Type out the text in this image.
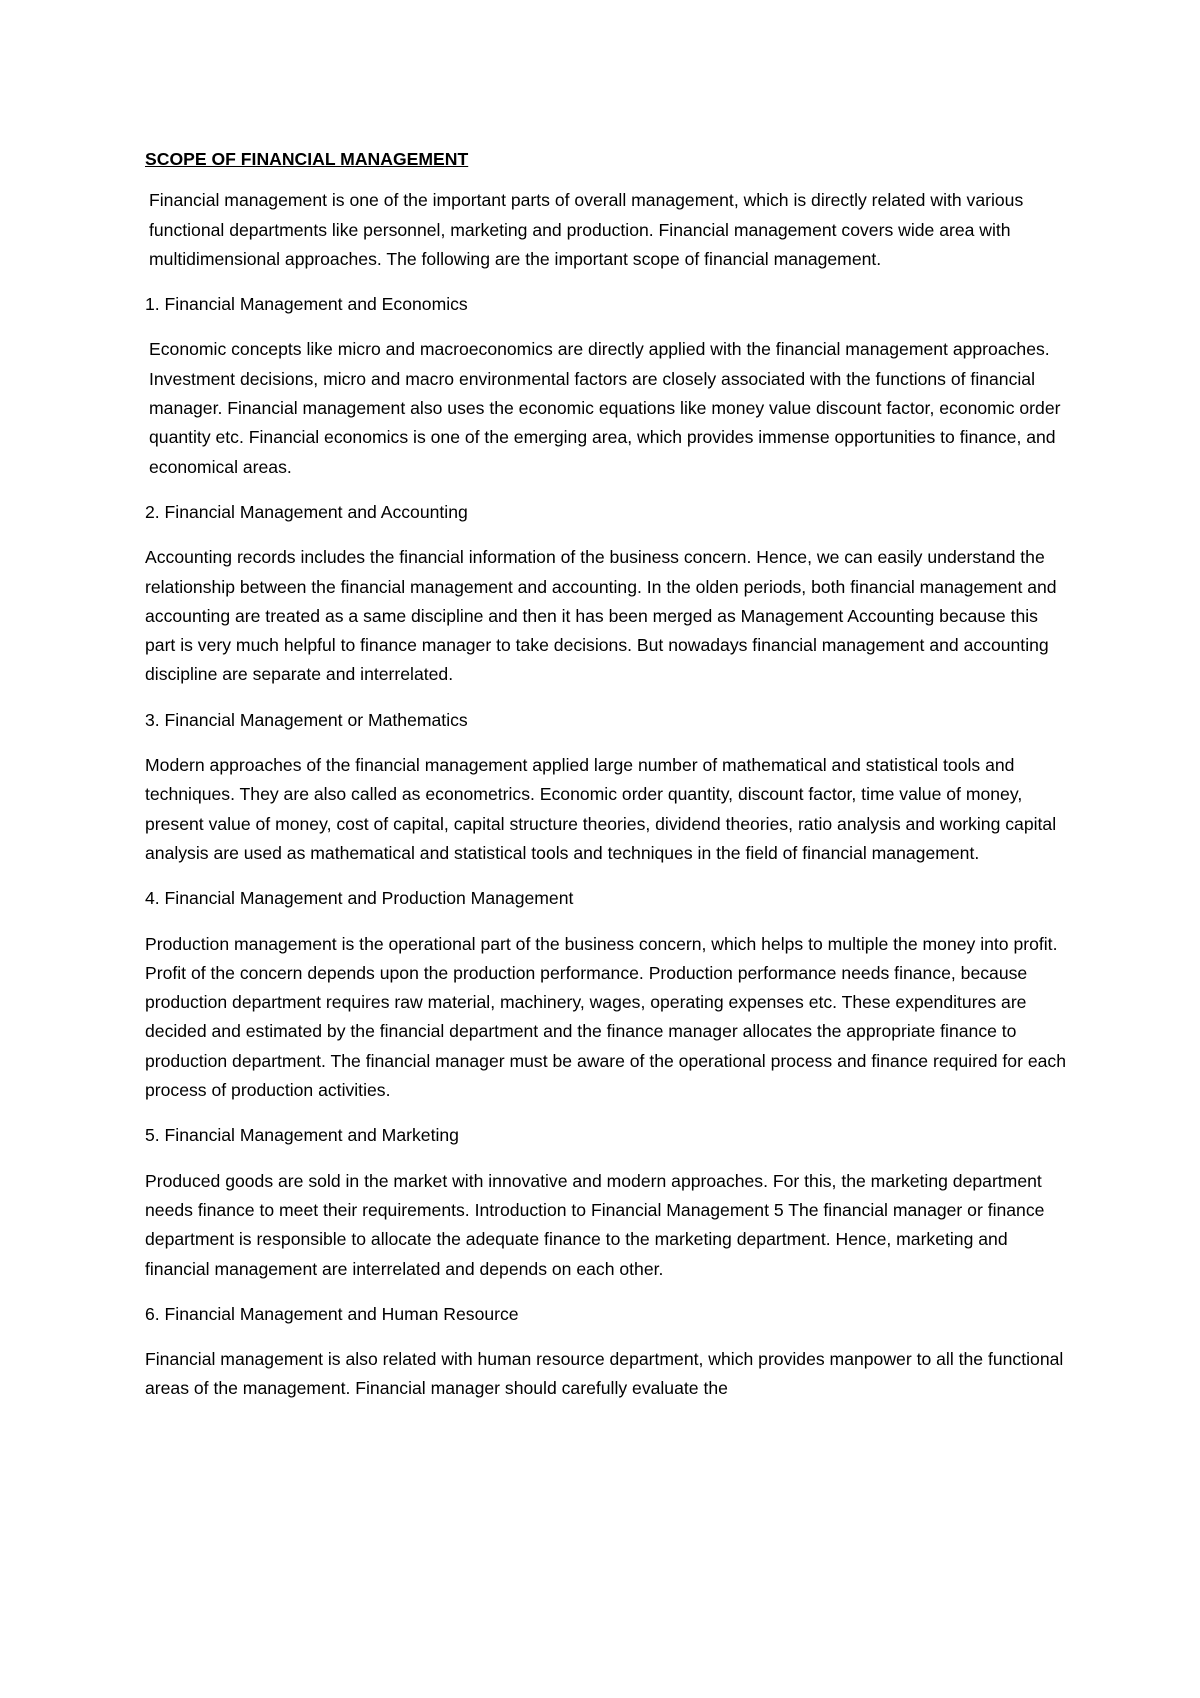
SCOPE OF FINANCIAL MANAGEMENT

Financial management is one of the important parts of overall management, which is directly related with various functional departments like personnel, marketing and production. Financial management covers wide area with multidimensional approaches. The following are the important scope of financial management.

1. Financial Management and Economics

Economic concepts like micro and macroeconomics are directly applied with the financial management approaches. Investment decisions, micro and macro environmental factors are closely associated with the functions of financial manager. Financial management also uses the economic equations like money value discount factor, economic order quantity etc. Financial economics is one of the emerging area, which provides immense opportunities to finance, and economical areas.

2. Financial Management and Accounting

Accounting records includes the financial information of the business concern. Hence, we can easily understand the relationship between the financial management and accounting. In the olden periods, both financial management and accounting are treated as a same discipline and then it has been merged as Management Accounting because this part is very much helpful to finance manager to take decisions. But nowadays financial management and accounting discipline are separate and interrelated.

3. Financial Management or Mathematics

Modern approaches of the financial management applied large number of mathematical and statistical tools and techniques. They are also called as econometrics. Economic order quantity, discount factor, time value of money, present value of money, cost of capital, capital structure theories, dividend theories, ratio analysis and working capital analysis are used as mathematical and statistical tools and techniques in the field of financial management.

4. Financial Management and Production Management

Production management is the operational part of the business concern, which helps to multiple the money into profit. Profit of the concern depends upon the production performance. Production performance needs finance, because production department requires raw material, machinery, wages, operating expenses etc. These expenditures are decided and estimated by the financial department and the finance manager allocates the appropriate finance to production department. The financial manager must be aware of the operational process and finance required for each process of production activities.

5. Financial Management and Marketing

Produced goods are sold in the market with innovative and modern approaches. For this, the marketing department needs finance to meet their requirements. Introduction to Financial Management 5 The financial manager or finance department is responsible to allocate the adequate finance to the marketing department. Hence, marketing and financial management are interrelated and depends on each other.

6. Financial Management and Human Resource

Financial management is also related with human resource department, which provides manpower to all the functional areas of the management. Financial manager should carefully evaluate the
